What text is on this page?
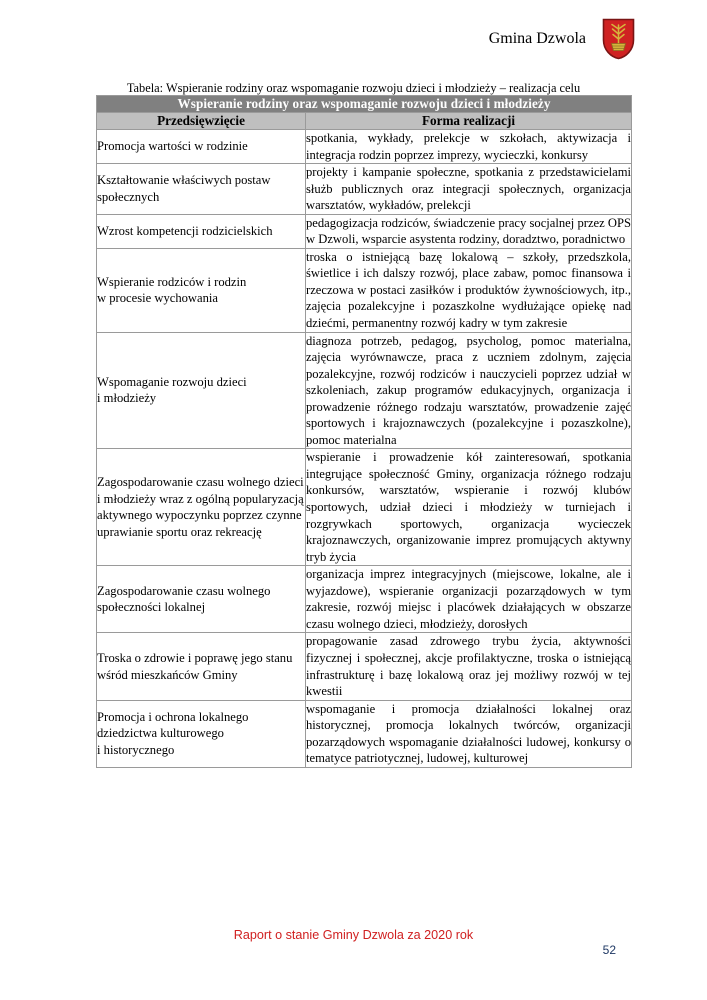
Gmina Dzwola
Tabela: Wspieranie rodziny oraz wspomaganie rozwoju dzieci i młodzieży – realizacja celu
Wspieranie rodziny oraz wspomaganie rozwoju dzieci i młodzieży	
Przedsięwzięcie	Forma realizacji
Promocja wartości w rodzinie	spotkania, wykłady, prelekcje w szkołach, aktywizacja i integracja rodzin poprzez imprezy, wycieczki, konkursy
Kształtowanie właściwych postaw społecznych	projekty i kampanie społeczne, spotkania z przedstawicielami służb publicznych oraz integracji społecznych, organizacja warsztatów, wykładów, prelekcji
Wzrost kompetencji rodzicielskich	pedagogizacja rodziców, świadczenie pracy socjalnej przez OPS w Dzwoli, wsparcie asystenta rodziny, doradztwo, poradnictwo
Wspieranie rodziców i rodzin
w procesie wychowania	troska o istniejącą bazę lokalową – szkoły, przedszkola, świetlice i ich dalszy rozwój, place zabaw, pomoc finansowa i rzeczowa w postaci zasiłków i produktów żywnościowych, itp., zajęcia pozalekcyjne i pozaszkolne wydłużające opiekę nad dziećmi, permanentny rozwój kadry w tym zakresie
Wspomaganie rozwoju dzieci
i młodzieży	diagnoza potrzeb, pedagog, psycholog, pomoc materialna, zajęcia wyrównawcze, praca z uczniem zdolnym, zajęcia pozalekcyjne, rozwój rodziców i nauczycieli poprzez udział w szkoleniach, zakup programów edukacyjnych, organizacja i prowadzenie różnego rodzaju warsztatów, prowadzenie zajęć sportowych i krajoznawczych (pozalekcyjne i pozaszkolne), pomoc materialna
Zagospodarowanie czasu wolnego dzieci i młodzieży wraz z ogólną popularyzacją aktywnego wypoczynku poprzez czynne uprawianie sportu oraz rekreację	wspieranie i prowadzenie kół zainteresowań, spotkania integrujące społeczność Gminy, organizacja różnego rodzaju konkursów, warsztatów, wspieranie i rozwój klubów sportowych, udział dzieci i młodzieży w turniejach i rozgrywkach sportowych, organizacja wycieczek krajoznawczych, organizowanie imprez promujących aktywny tryb życia
Zagospodarowanie czasu wolnego społeczności lokalnej	organizacja imprez integracyjnych (miejscowe, lokalne, ale i wyjazdowe), wspieranie organizacji pozarządowych w tym zakresie, rozwój miejsc i placówek działających w obszarze czasu wolnego dzieci, młodzieży, dorosłych
Troska o zdrowie i poprawę jego stanu wśród mieszkańców Gminy	propagowanie zasad zdrowego trybu życia, aktywności fizycznej i społecznej, akcje profilaktyczne, troska o istniejącą infrastrukturę i bazę lokalową oraz jej możliwy rozwój w tej kwestii
Promocja i ochrona lokalnego dziedzictwa kulturowego
i historycznego	wspomaganie i promocja działalności lokalnej oraz historycznej, promocja lokalnych twórców, organizacji pozarządowych wspomaganie działalności ludowej, konkursy o tematyce patriotycznej, ludowej, kulturowej
Raport o stanie Gminy Dzwola za 2020 rok
52
